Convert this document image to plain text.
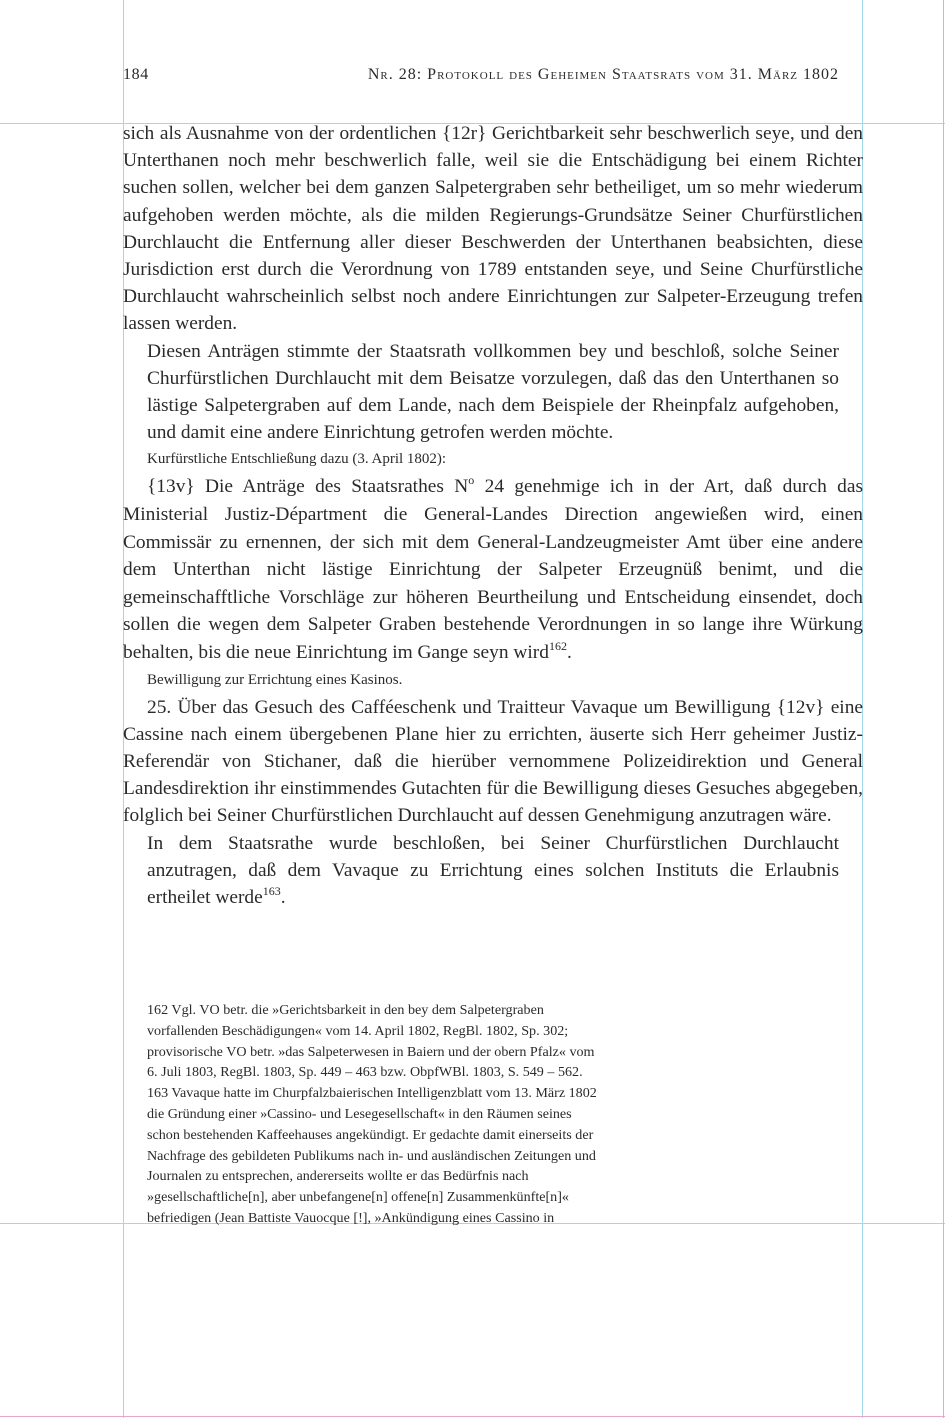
184	Nr. 28: Protokoll des Geheimen Staatsrats vom 31. März 1802

sich als Ausnahme von der ordentlichen {12r} Gerichtbarkeit sehr beschwerlich seye, und den Unterthanen noch mehr beschwerlich falle, weil sie die Entschädigung bei einem Richter suchen sollen, welcher bei dem ganzen Salpetergraben sehr betheiliget, um so mehr wiederum aufgehoben werden möchte, als die milden Regierungs-Grundsätze Seiner Churfürstlichen Durchlaucht die Entfernung aller dieser Beschwerden der Unterthanen beabsichten, diese Jurisdiction erst durch die Verordnung von 1789 entstanden seye, und Seine Churfürstliche Durchlaucht wahrscheinlich selbst noch andere Einrichtungen zur Salpeter-Erzeugung trefen lassen werden.

Diesen Anträgen stimmte der Staatsrath vollkommen bey und beschloß, solche Seiner Churfürstlichen Durchlaucht mit dem Beisatze vorzulegen, daß das den Unterthanen so lästige Salpetergraben auf dem Lande, nach dem Beispiele der Rheinpfalz aufgehoben, und damit eine andere Einrichtung getrofen werden möchte.

Kurfürstliche Entschließung dazu (3. April 1802):

{13v} Die Anträge des Staatsrathes $N^o$ 24 genehmige ich in der Art, daß durch das Ministerial Justiz-Départment die General-Landes Direction angewießen wird, einen Commissär zu ernennen, der sich mit dem General-Landzeugmeister Amt über eine andere dem Unterthan nicht lästige Einrichtung der Salpeter Erzeugnüß benimt, und die gemeinschafftliche Vorschläge zur höheren Beurtheilung und Entscheidung einsendet, doch sollen die wegen dem Salpeter Graben bestehende Verordnungen in so lange ihre Würkung behalten, bis die neue Einrichtung im Gange seyn wird$^{162}$.

Bewilligung zur Errichtung eines Kasinos.

25. Über das Gesuch des Cafféeschenk und Traitteur Vavaque um Bewilligung {12v} eine Cassine nach einem übergebenen Plane hier zu errichten, äuserte sich Herr geheimer Justiz-Referendär von Stichaner, daß die hierüber vernommene Polizeidirektion und General Landesdirektion ihr einstimmendes Gutachten für die Bewilligung dieses Gesuches abgegeben, folglich bei Seiner Churfürstlichen Durchlaucht auf dessen Genehmigung anzutragen wäre.

In dem Staatsrathe wurde beschloßen, bei Seiner Churfürstlichen Durchlaucht anzutragen, daß dem Vavaque zu Errichtung eines solchen Instituts die Erlaubnis ertheilet werde$^{163}$.

162 Vgl. VO betr. die »Gerichtsbarkeit in den bey dem Salpetergraben
vorfallenden Beschädigungen« vom 14. April 1802, RegBl. 1802, Sp. 302;
provisorische VO betr. »das Salpeterwesen in Baiern und der obern Pfalz« vom
6. Juli 1803, RegBl. 1803, Sp. 449 – 463 bzw. ObpfWBl. 1803, S. 549 – 562.
163 Vavaque hatte im Churpfalzbaierischen Intelligenzblatt vom 13. März 1802
die Gründung einer »Cassino- und Lesegesellschaft« in den Räumen seines
schon bestehenden Kaffeehauses angekündigt. Er gedachte damit einerseits der
Nachfrage des gebildeten Publikums nach in- und ausländischen Zeitungen und
Journalen zu entsprechen, andererseits wollte er das Bedürfnis nach
»gesellschaftliche[n], aber unbefangene[n] offene[n] Zusammenkünfte[n]«
befriedigen (Jean Battiste Vauocque [!], »Ankündigung eines Cassino in
